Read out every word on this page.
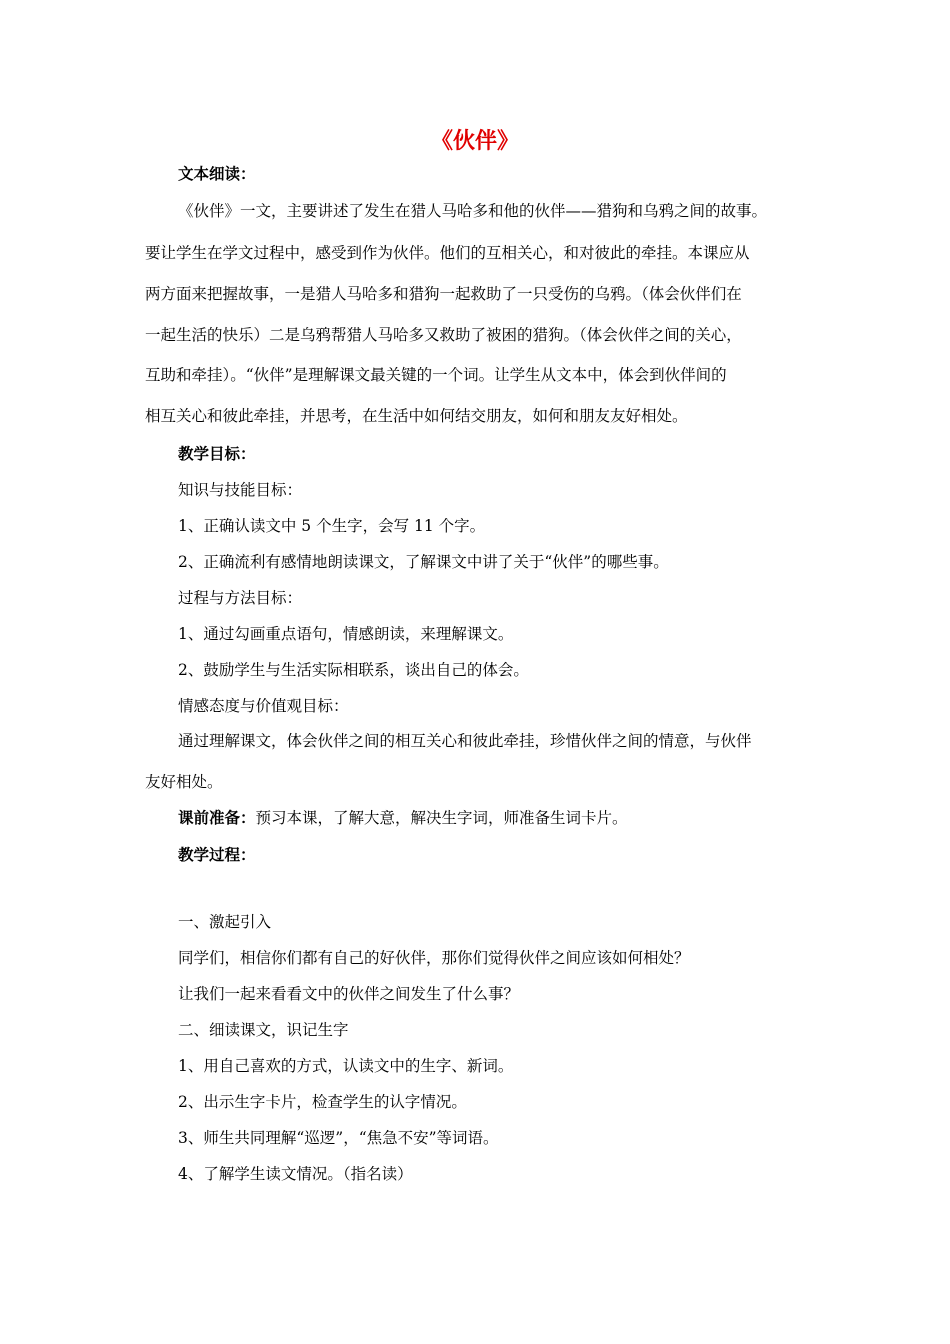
《伙伴》
文本细读：
《伙伴》一文，主要讲述了发生在猎人马哈多和他的伙伴——猎狗和乌鸦之间的故事。
要让学生在学文过程中，感受到作为伙伴。他们的互相关心，和对彼此的牵挂。本课应从
两方面来把握故事，一是猎人马哈多和猎狗一起救助了一只受伤的乌鸦。（体会伙伴们在
一起生活的快乐）二是乌鸦帮猎人马哈多又救助了被困的猎狗。（体会伙伴之间的关心，
互助和牵挂）。“伙伴”是理解课文最关键的一个词。让学生从文本中，体会到伙伴间的
相互关心和彼此牵挂，并思考，在生活中如何结交朋友，如何和朋友友好相处。
教学目标：
知识与技能目标：
1、正确认读文中 5 个生字，会写 11 个字。
2、正确流利有感情地朗读课文，了解课文中讲了关于“伙伴”的哪些事。
过程与方法目标：
1、通过勾画重点语句，情感朗读，来理解课文。
2、鼓励学生与生活实际相联系，谈出自己的体会。
情感态度与价值观目标：
通过理解课文，体会伙伴之间的相互关心和彼此牵挂，珍惜伙伴之间的情意，与伙伴
友好相处。
课前准备：预习本课，了解大意，解决生字词，师准备生词卡片。
教学过程：
一、激起引入
同学们，相信你们都有自己的好伙伴，那你们觉得伙伴之间应该如何相处？
让我们一起来看看文中的伙伴之间发生了什么事？
二、细读课文，识记生字
1、用自己喜欢的方式，认读文中的生字、新词。
2、出示生字卡片，检查学生的认字情况。
3、师生共同理解“巡逻”，“焦急不安”等词语。
4、了解学生读文情况。（指名读）
